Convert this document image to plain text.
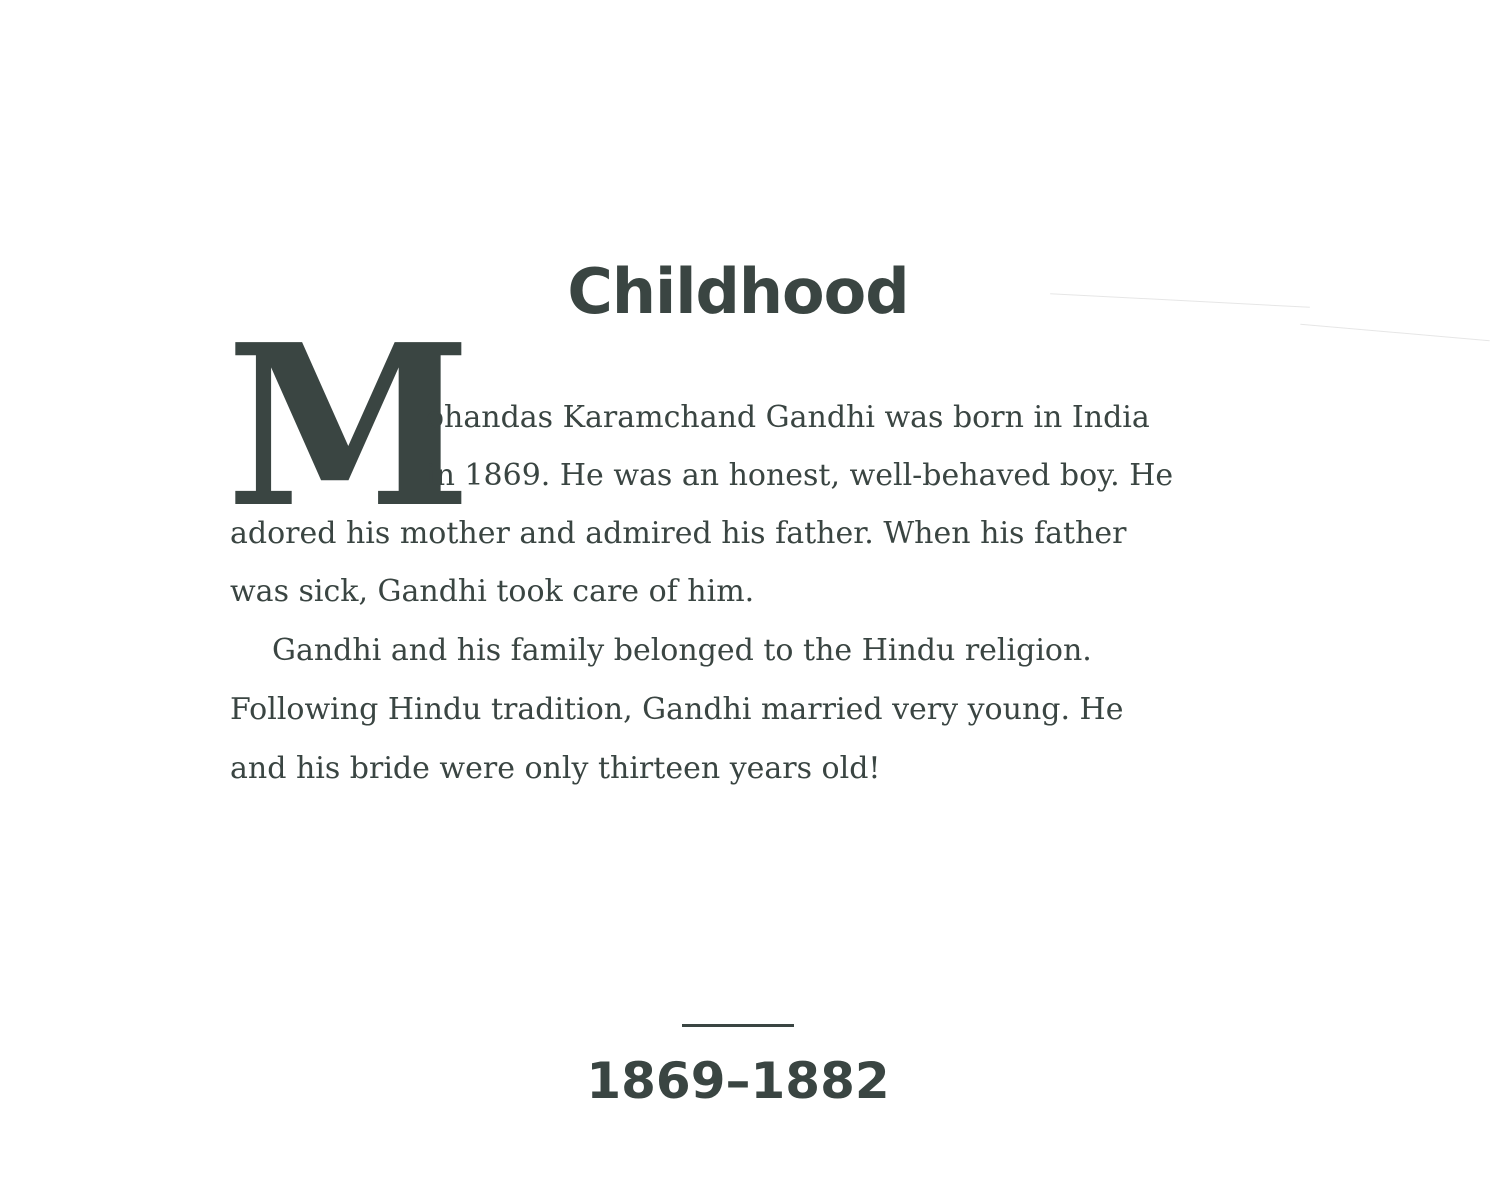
Childhood
M
ohandas Karamchand Gandhi was born in India
in 1869. He was an honest, well-behaved boy. He
adored his mother and admired his father. When his father
was sick, Gandhi took care of him.
Gandhi and his family belonged to the Hindu religion.
Following Hindu tradition, Gandhi married very young. He
and his bride were only thirteen years old!
1869–1882
